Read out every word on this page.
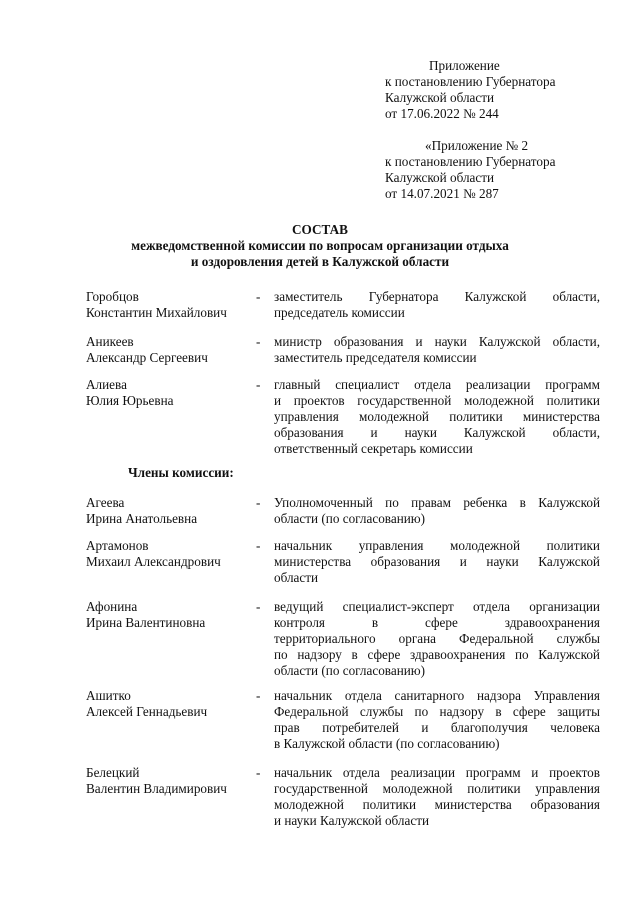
Приложение
к постановлению Губернатора
Калужской области
от 17.06.2022 № 244
«Приложение № 2
к постановлению Губернатора
Калужской области
от 14.07.2021 № 287
СОСТАВ
межведомственной комиссии по вопросам организации отдыха
и оздоровления детей в Калужской области
Горобцов
Константин Михайлович
- заместитель Губернатора Калужской области,
председатель комиссии
Аникеев
Александр Сергеевич
- министр образования и науки Калужской области,
заместитель председателя комиссии
Алиева
Юлия Юрьевна
- главный специалист отдела реализации программ
и проектов государственной молодежной политики
управления молодежной политики министерства
образования и науки Калужской области,
ответственный секретарь комиссии
Члены комиссии:
Агеева
Ирина Анатольевна
- Уполномоченный по правам ребенка в Калужской
области (по согласованию)
Артамонов
Михаил Александрович
- начальник управления молодежной политики
министерства образования и науки Калужской
области
Афонина
Ирина Валентиновна
- ведущий специалист-эксперт отдела организации
контроля в сфере здравоохранения
территориального органа Федеральной службы
по надзору в сфере здравоохранения по Калужской
области (по согласованию)
Ашитко
Алексей Геннадьевич
- начальник отдела санитарного надзора Управления
Федеральной службы по надзору в сфере защиты
прав потребителей и благополучия человека
в Калужской области (по согласованию)
Белецкий
Валентин Владимирович
- начальник отдела реализации программ и проектов
государственной молодежной политики управления
молодежной политики министерства образования
и науки Калужской области
